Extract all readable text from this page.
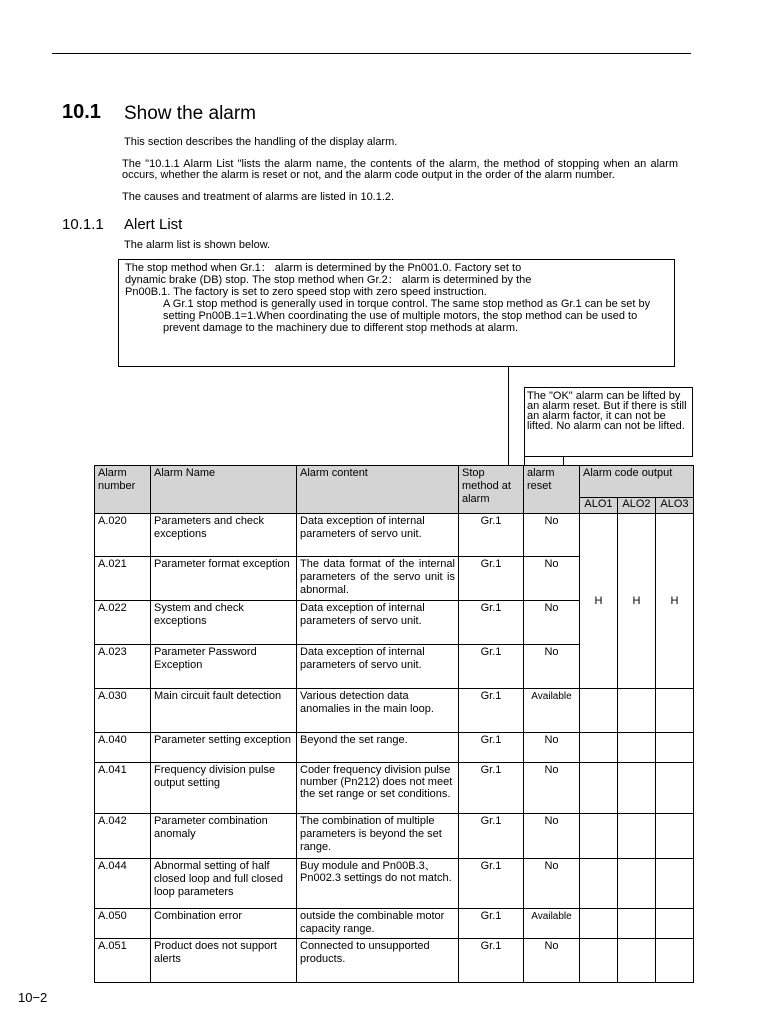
10.1 Show the alarm
This section describes the handling of the display alarm.
The "10.1.1 Alarm List "lists the alarm name, the contents of the alarm, the method of stopping when an alarm occurs, whether the alarm is reset or not, and the alarm code output in the order of the alarm number.
The causes and treatment of alarms are listed in 10.1.2.
10.1.1 Alert List
The alarm list is shown below.
The stop method when Gr.1： alarm is determined by the Pn001.0. Factory set to dynamic brake (DB) stop. The stop method when Gr.2： alarm is determined by the Pn00B.1. The factory is set to zero speed stop with zero speed instruction.
A Gr.1 stop method is generally used in torque control. The same stop method as Gr.1 can be set by setting Pn00B.1=1.When coordinating the use of multiple motors, the stop method can be used to prevent damage to the machinery due to different stop methods at alarm.
The "OK" alarm can be lifted by an alarm reset. But if there is still an alarm factor, it can not be lifted. No alarm can not be lifted.
Alarm number	Alarm Name	Alarm content	Stop method at alarm	alarm reset	Alarm code output		
					ALO1	ALO2	ALO3
A.020	Parameters and check exceptions	Data exception of internal parameters of servo unit.	Gr.1	No	H	H	H
A.021	Parameter format exception	The data format of the internal parameters of the servo unit is abnormal.	Gr.1	No			
A.022	System and check exceptions	Data exception of internal parameters of servo unit.	Gr.1	No			
A.023	Parameter Password Exception	Data exception of internal parameters of servo unit.	Gr.1	No			
A.030	Main circuit fault detection	Various detection data anomalies in the main loop.	Gr.1	Available			
A.040	Parameter setting exception	Beyond the set range.	Gr.1	No			
A.041	Frequency division pulse output setting	Coder frequency division pulse number (Pn212) does not meet the set range or set conditions.	Gr.1	No			
A.042	Parameter combination anomaly	The combination of multiple parameters is beyond the set range.	Gr.1	No			
A.044	Abnormal setting of half closed loop and full closed loop parameters	Buy module and Pn00B.3、Pn002.3 settings do not match.	Gr.1	No			
A.050	Combination error	outside the combinable motor capacity range.	Gr.1	Available			
A.051	Product does not support alerts	Connected to unsupported products.	Gr.1	No			
10−2
